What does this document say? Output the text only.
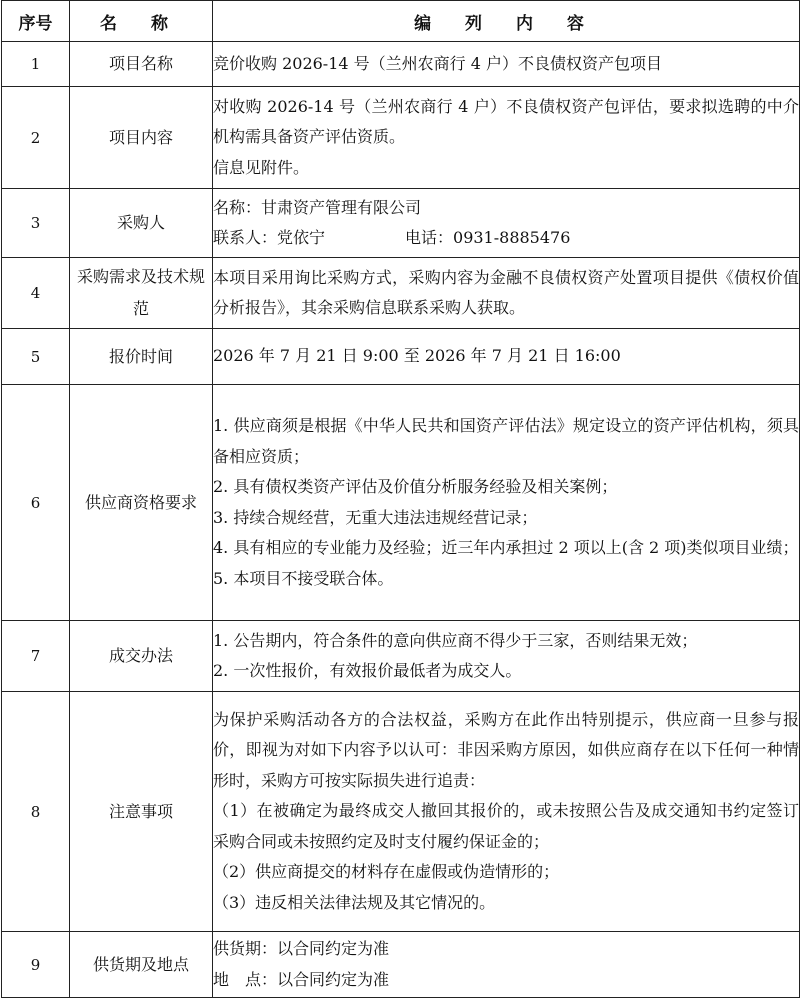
序号	名 称	编 列 内 容
1	项目名称	竞价收购 2026-14 号（兰州农商行 4 户）不良债权资产包项目

2	项目内容	对收购 2026-14 号（兰州农商行 4 户）不良债权资产包评估，要求拟选聘的中介机构需具备资产评估资质。
信息见附件。

3	采购人	名称：甘肃资产管理有限公司
联系人：党依宁 电话：0931-8885476

4	采购需求及技术规范	本项目采用询比采购方式，采购内容为金融不良债权资产处置项目提供《债权价值分析报告》，其余采购信息联系采购人获取。

5	报价时间	2026 年 7 月 21 日 9:00 至 2026 年 7 月 21 日 16:00

6	供应商资格要求	1. 供应商须是根据《中华人民共和国资产评估法》规定设立的资产评估机构，须具备相应资质；
2. 具有债权类资产评估及价值分析服务经验及相关案例；
3. 持续合规经营，无重大违法违规经营记录；
4. 具有相应的专业能力及经验；近三年内承担过 2 项以上(含 2 项)类似项目业绩；
5. 本项目不接受联合体。

7	成交办法	1. 公告期内，符合条件的意向供应商不得少于三家，否则结果无效；
2. 一次性报价，有效报价最低者为成交人。

8	注意事项	为保护采购活动各方的合法权益，采购方在此作出特别提示，供应商一旦参与报价，即视为对如下内容予以认可：非因采购方原因，如供应商存在以下任何一种情形时，采购方可按实际损失进行追责：
（1）在被确定为最终成交人撤回其报价的，或未按照公告及成交通知书约定签订采购合同或未按照约定及时支付履约保证金的；
（2）供应商提交的材料存在虚假或伪造情形的；
（3）违反相关法律法规及其它情况的。

9	供货期及地点	供货期：以合同约定为准
地　点：以合同约定为准
